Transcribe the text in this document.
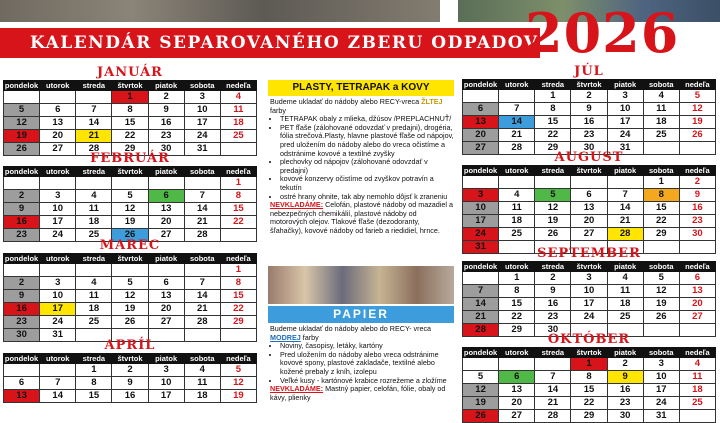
KALENDÁR SEPAROVANÉHO ZBERU ODPADOV
2026
JANUÁR
pondelok	utorok	streda	štvrtok	piatok	sobota	nedeľa
			1	2	3	4
5	6	7	8	9	10	11
12	13	14	15	16	17	18
19	20	21	22	23	24	25
26	27	28	29	30	31	
FEBRUÁR
pondelok	utorok	streda	štvrtok	piatok	sobota	nedeľa
						1
2	3	4	5	6	7	8
9	10	11	12	13	14	15
16	17	18	19	20	21	22
23	24	25	26	27	28	
MAREC
pondelok	utorok	streda	štvrtok	piatok	sobota	nedeľa
						1
2	3	4	5	6	7	8
9	10	11	12	13	14	15
16	17	18	19	20	21	22
23	24	25	26	27	28	29
30	31					
APRÍL
pondelok	utorok	streda	štvrtok	piatok	sobota	nedeľa
		1	2	3	4	5
6	7	8	9	10	11	12
13	14	15	16	17	18	19
JÚL
pondelok	utorok	streda	štvrtok	piatok	sobota	nedeľa
		1	2	3	4	5
6	7	8	9	10	11	12
13	14	15	16	17	18	19
20	21	22	23	24	25	26
27	28	29	30	31		
AUGUST
pondelok	utorok	streda	štvrtok	piatok	sobota	nedeľa
					1	2
3	4	5	6	7	8	9
10	11	12	13	14	15	16
17	18	19	20	21	22	23
24	25	26	27	28	29	30
31							SEPTEMBER
pondelok	utorok	streda	štvrtok	piatok	sobota	nedeľa
	1	2	3	4	5	6
7	8	9	10	11	12	13
14	15	16	17	18	19	20
21	22	23	24	25	26	27
28	29	30				
OKTÓBER
pondelok	utorok	streda	štvrtok	piatok	sobota	nedeľa
			1	2	3	4
5	6	7	8	9	10	11
12	13	14	15	16	17	18
19	20	21	22	23	24	25
26	27	28	29	30	31	
PLASTY, TETRAPAK a KOVY
Budeme ukladať do nádoby alebo RECY-vreca ŽLTEJ farby
• TETRAPAK obaly z mlieka, džúsov /PREPLACHNUŤ/
• PET fľaše (zálohované odovzdať v predajni), drogéria, fólia strečová.Plasty, hlavne plastové fľaše od nápojov, pred uložením do nádoby alebo do vreca očistíme a odstránime kovové a textilné zvyšky
• plechovky od nápojov (zálohované odovzdať v predajni)
• kovové konzervy očistíme od zvyškov potravín a tekutín
• ostré hrany ohnite, tak aby nemohlo dôjsť k zraneniu
NEVKLADÁME: Celofán, plastové nádoby od mazadiel a nebezpečných chemikálií, plastové nádoby od motorových olejov. Tlakové fľaše (dezodoranty, šľahačky), kovové nádoby od farieb a riedidiel, hrnce.
PAPIER
Budeme ukladať do nádoby alebo do RECY- vreca MODREJ farby
• Noviny, časopisy, letáky, kartóny
• Pred uložením do nádoby alebo vreca odstránime kovové spony, plastové zakladače, textilné alebo kožené prebaly z kníh, izolepu
• Veľké kusy - kartónové krabice rozrežeme a zložíme
NEVKLADÁME: Mastný papier, celofán, fólie, obaly od kávy, plienky
